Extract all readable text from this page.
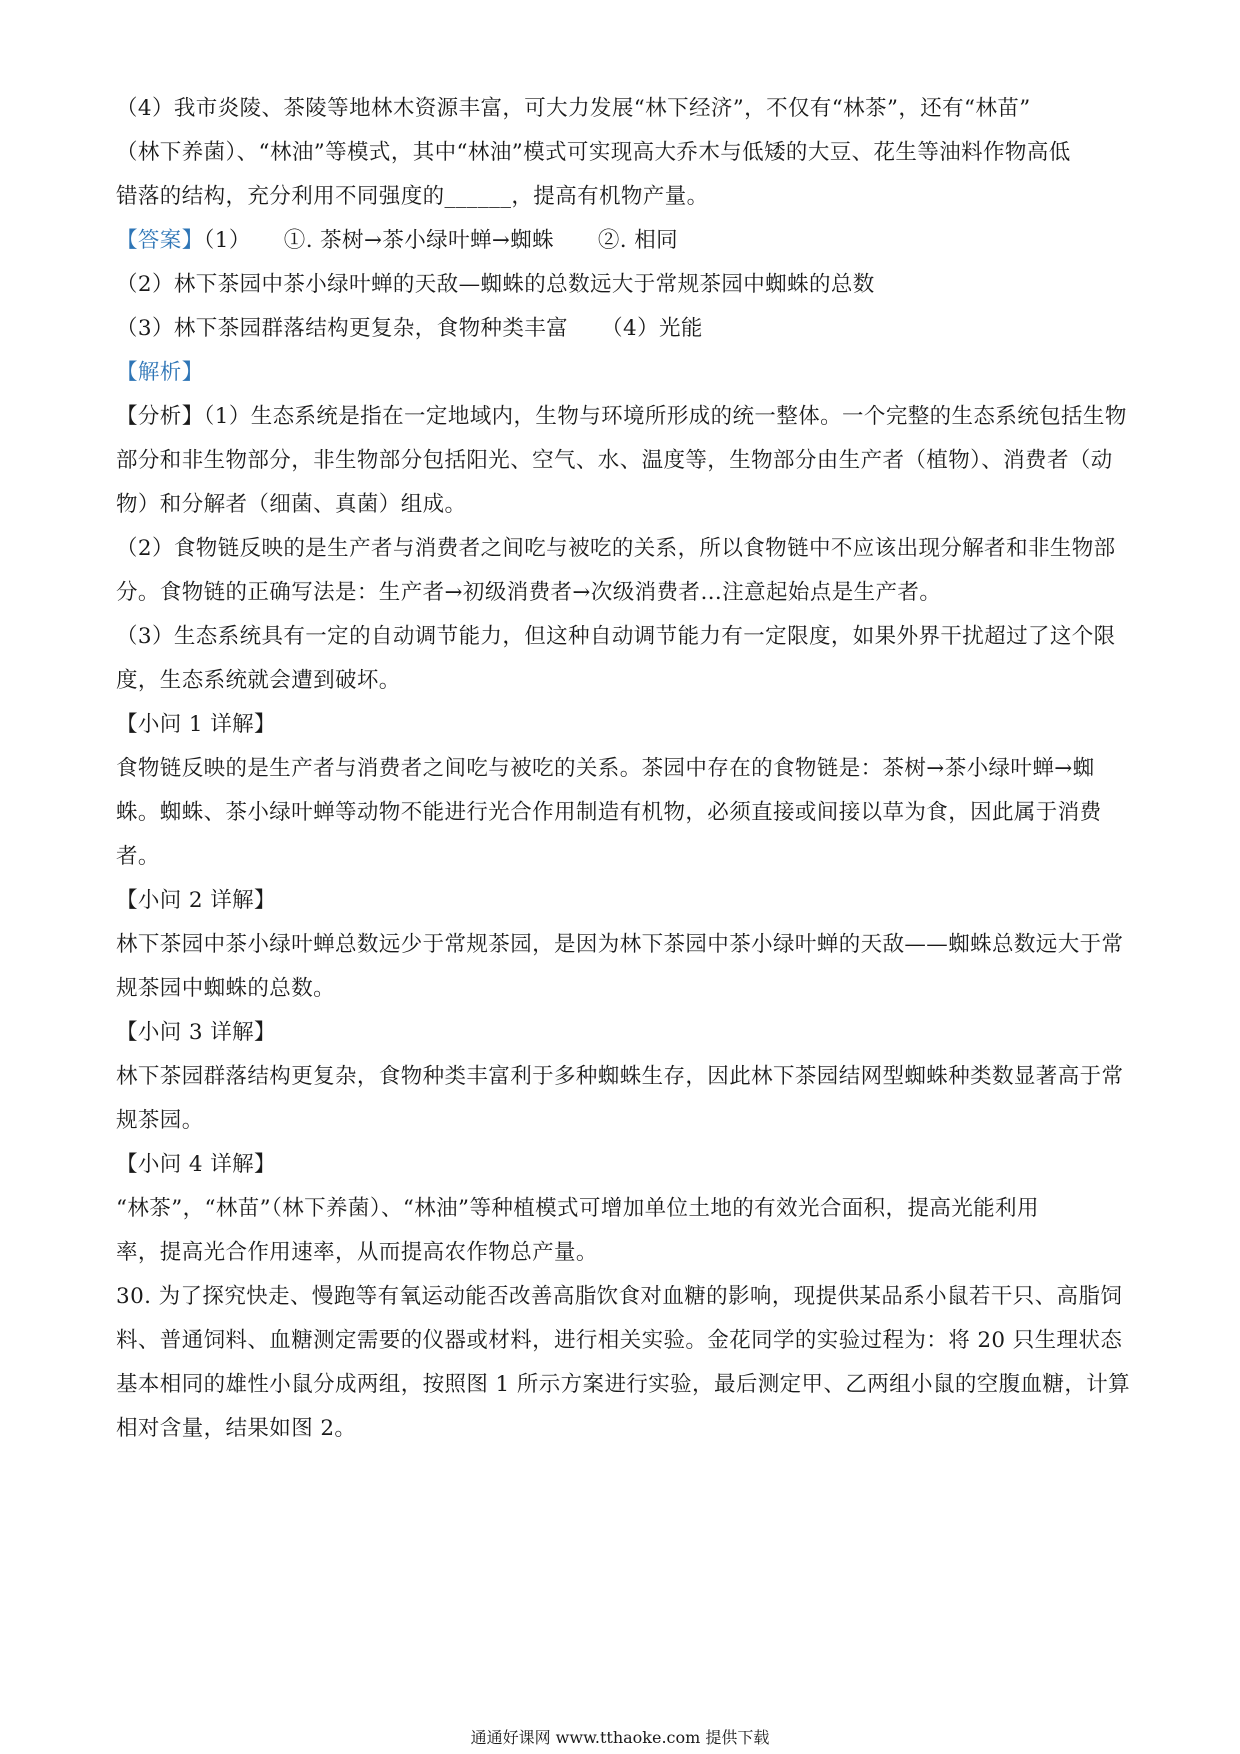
（4）我市炎陵、茶陵等地林木资源丰富，可大力发展“林下经济”，不仅有“林茶”，还有“林苗”
（林下养菌）、“林油”等模式，其中“林油”模式可实现高大乔木与低矮的大豆、花生等油料作物高低
错落的结构，充分利用不同强度的______，提高有机物产量。
【答案】（1）　　①. 茶树→茶小绿叶蝉→蜘蛛　　②. 相同
（2）林下茶园中茶小绿叶蝉的天敌—蜘蛛的总数远大于常规茶园中蜘蛛的总数
（3）林下茶园群落结构更复杂，食物种类丰富　　（4）光能
【解析】
【分析】（1）生态系统是指在一定地域内，生物与环境所形成的统一整体。一个完整的生态系统包括生物
部分和非生物部分，非生物部分包括阳光、空气、水、温度等，生物部分由生产者（植物）、消费者（动
物）和分解者（细菌、真菌）组成。
（2）食物链反映的是生产者与消费者之间吃与被吃的关系，所以食物链中不应该出现分解者和非生物部
分。食物链的正确写法是：生产者→初级消费者→次级消费者…注意起始点是生产者。
（3）生态系统具有一定的自动调节能力，但这种自动调节能力有一定限度，如果外界干扰超过了这个限
度，生态系统就会遭到破坏。
【小问 1 详解】
食物链反映的是生产者与消费者之间吃与被吃的关系。茶园中存在的食物链是：茶树→茶小绿叶蝉→蜘
蛛。蜘蛛、茶小绿叶蝉等动物不能进行光合作用制造有机物，必须直接或间接以草为食，因此属于消费
者。
【小问 2 详解】
林下茶园中茶小绿叶蝉总数远少于常规茶园，是因为林下茶园中茶小绿叶蝉的天敌——蜘蛛总数远大于常
规茶园中蜘蛛的总数。
【小问 3 详解】
林下茶园群落结构更复杂，食物种类丰富利于多种蜘蛛生存，因此林下茶园结网型蜘蛛种类数显著高于常
规茶园。
【小问 4 详解】
“林茶”，“林苗”（林下养菌）、“林油”等种植模式可增加单位土地的有效光合面积，提高光能利用
率，提高光合作用速率，从而提高农作物总产量。
30. 为了探究快走、慢跑等有氧运动能否改善高脂饮食对血糖的影响，现提供某品系小鼠若干只、高脂饲
料、普通饲料、血糖测定需要的仪器或材料，进行相关实验。金花同学的实验过程为：将 20 只生理状态
基本相同的雄性小鼠分成两组，按照图 1 所示方案进行实验，最后测定甲、乙两组小鼠的空腹血糖，计算
相对含量，结果如图 2。
通通好课网 www.tthaoke.com 提供下载
